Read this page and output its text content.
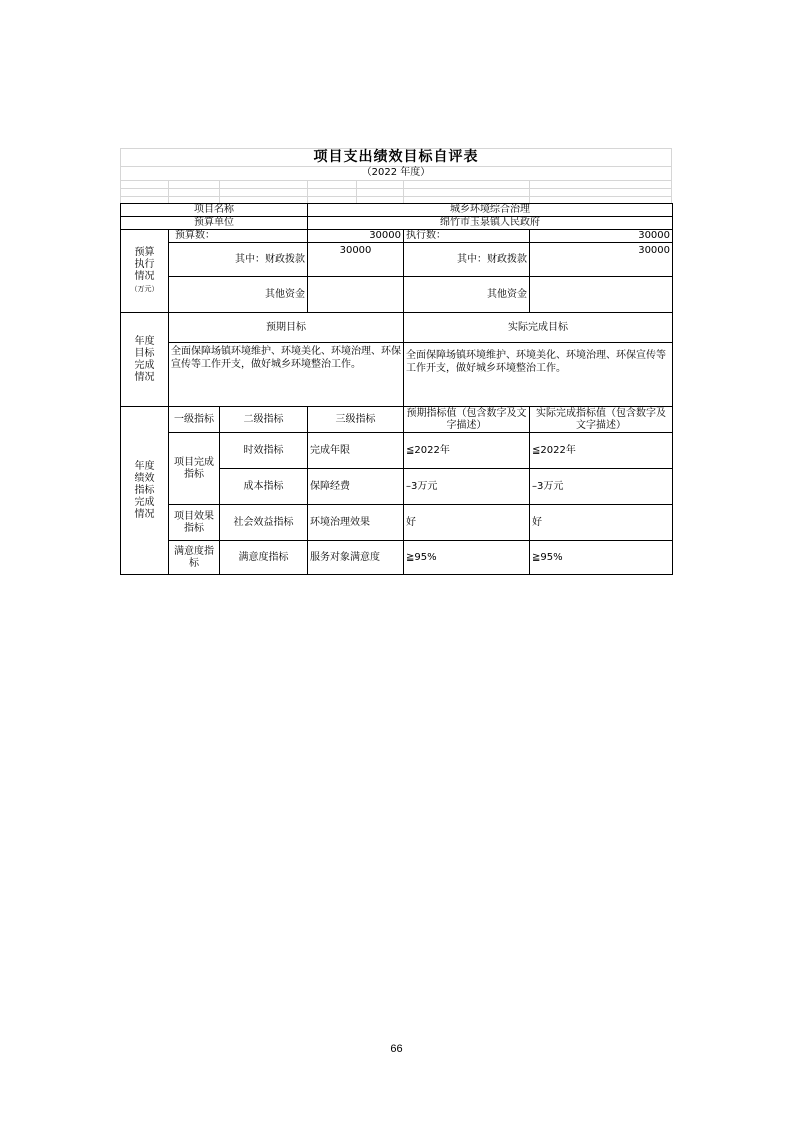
项目支出绩效目标自评表
（2022 年度）
项目名称			城乡环境综合治理		
预算单位			绵竹市玉泉镇人民政府		

预算
执行
情况
（万元）	预算数：		30000	执行数：	30000
	其中：财政拨款		30000	其中：财政拨款	30000
	其他资金			其他资金	

年度
目标
完成
情况	预期目标			实际完成目标	
	全面保障场镇环境维护、环境美化、环境治理、环保宣传等工作开支，做好城乡环境整治工作。			全面保障场镇环境维护、环境美化、环境治理、环保宣传等工作开支，做好城乡环境整治工作。	

年度
绩效
指标
完成
情况	一级指标	二级指标	三级指标	预期指标值（包含数字及文字描述）	实际完成指标值（包含数字及文字描述）
	项目完成指标	时效指标	完成年限	≦2022年	≦2022年
		成本指标	保障经费	–3万元	–3万元
	项目效果指标	社会效益指标	环境治理效果	好	好
	满意度指标	满意度指标	服务对象满意度	≧95%	≧95%
66
